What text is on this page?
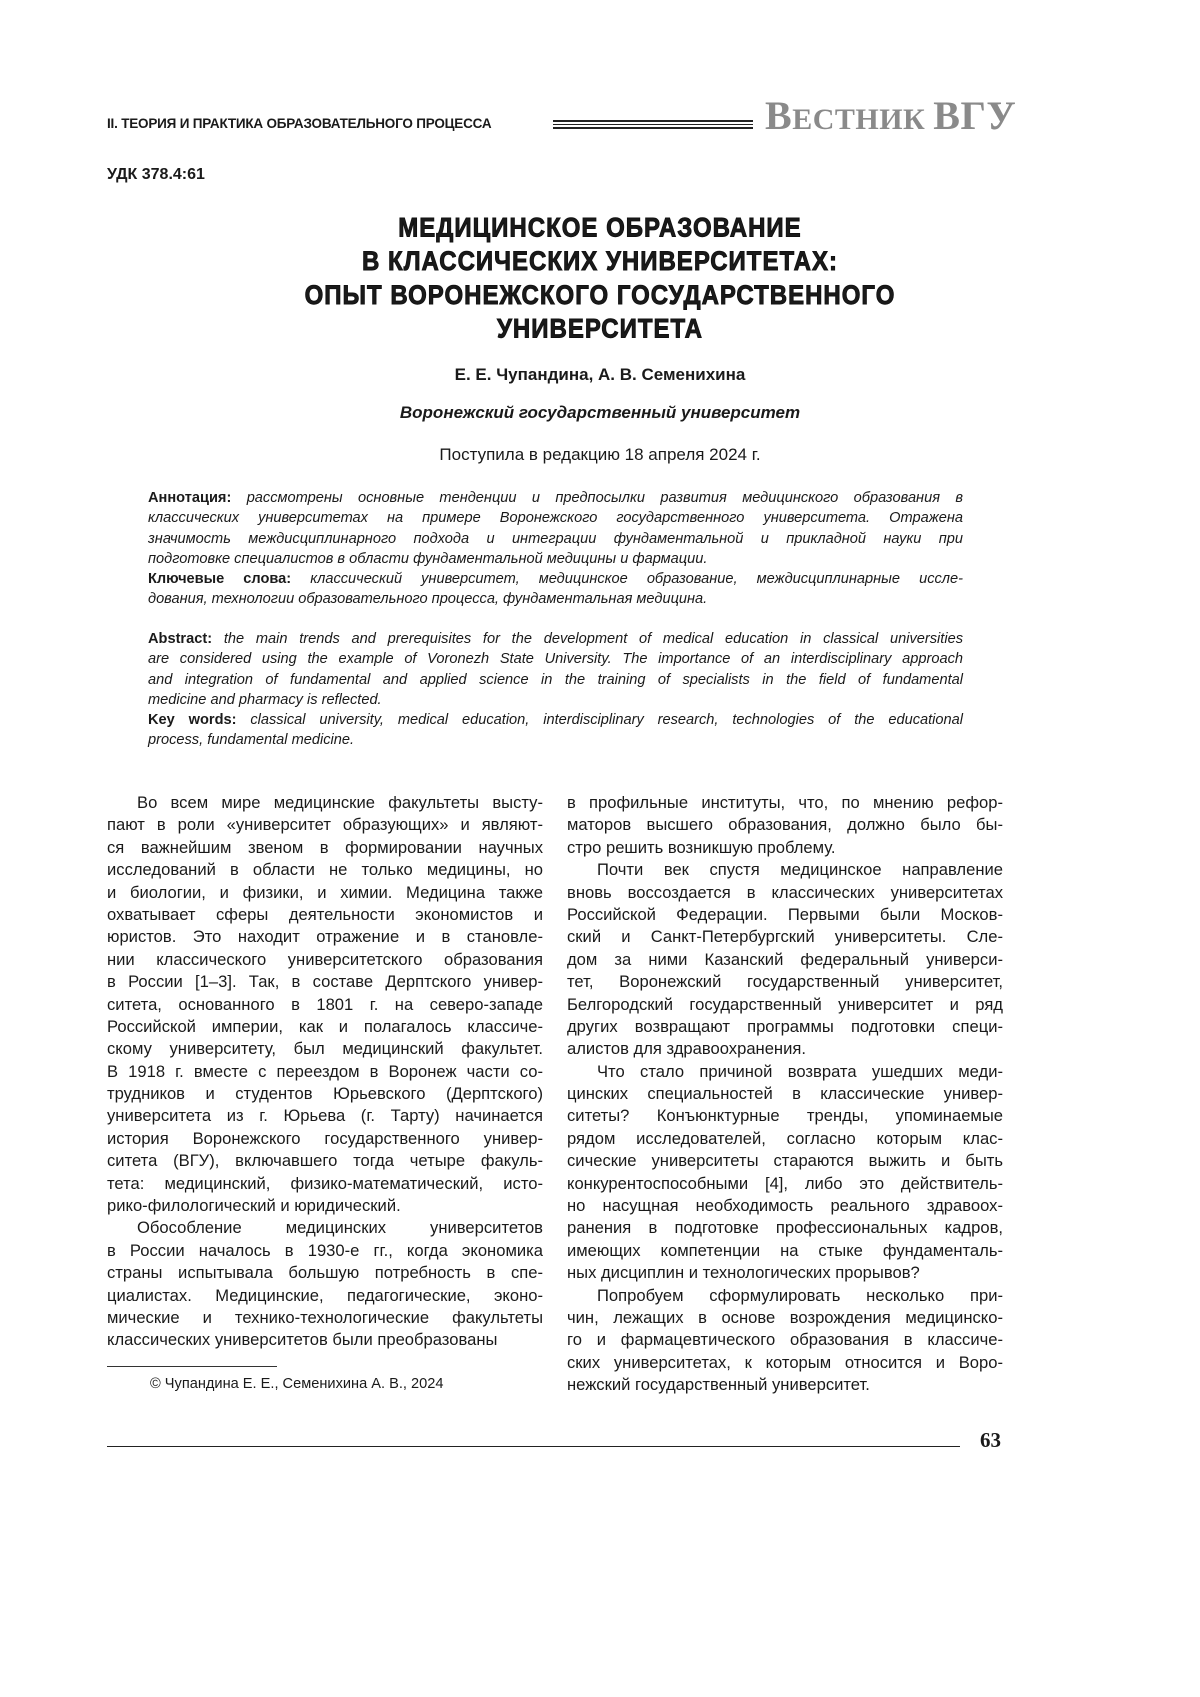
II. ТЕОРИЯ И ПРАКТИКА ОБРАЗОВАТЕЛЬНОГО ПРОЦЕССА	ВЕСТНИК ВГУ
УДК 378.4:61
МЕДИЦИНСКОЕ ОБРАЗОВАНИЕ
В КЛАССИЧЕСКИХ УНИВЕРСИТЕТАХ:
ОПЫТ ВОРОНЕЖСКОГО ГОСУДАРСТВЕННОГО
УНИВЕРСИТЕТА
Е. Е. Чупандина, А. В. Семенихина
Воронежский государственный университет
Поступила в редакцию 18 апреля 2024 г.
Аннотация: рассмотрены основные тенденции и предпосылки развития медицинского образования в
классических университетах на примере Воронежского государственного университета. Отражена
значимость междисциплинарного подхода и интеграции фундаментальной и прикладной науки при
подготовке специалистов в области фундаментальной медицины и фармации.
Ключевые слова: классический университет, медицинское образование, междисциплинарные иссле-
дования, технологии образовательного процесса, фундаментальная медицина.
Abstract: the main trends and prerequisites for the development of medical education in classical universities
are considered using the example of Voronezh State University. The importance of an interdisciplinary approach
and integration of fundamental and applied science in the training of specialists in the field of fundamental
medicine and pharmacy is reflected.
Key words: classical university, medical education, interdisciplinary research, technologies of the educational
process, fundamental medicine.
Во всем мире медицинские факультеты высту-
пают в роли «университет образующих» и являют-
ся важнейшим звеном в формировании научных
исследований в области не только медицины, но
и биологии, и физики, и химии. Медицина также
охватывает сферы деятельности экономистов и
юристов. Это находит отражение и в становле-
нии классического университетского образования
в России [1–3]. Так, в составе Дерптского универ-
ситета, основанного в 1801 г. на северо-западе
Российской империи, как и полагалось классиче-
скому университету, был медицинский факультет.
В 1918 г. вместе с переездом в Воронеж части со-
трудников и студентов Юрьевского (Дерптского)
университета из г. Юрьева (г. Тарту) начинается
история Воронежского государственного универ-
ситета (ВГУ), включавшего тогда четыре факуль-
тета: медицинский, физико-математический, исто-
рико-филологический и юридический.
Обособление медицинских университетов
в России началось в 1930-е гг., когда экономика
страны испытывала большую потребность в спе-
циалистах. Медицинские, педагогические, эконо-
мические и технико-технологические факультеты
классических университетов были преобразованы
в профильные институты, что, по мнению рефор-
маторов высшего образования, должно было бы-
стро решить возникшую проблему.
Почти век спустя медицинское направление
вновь воссоздается в классических университетах
Российской Федерации. Первыми были Москов-
ский и Санкт-Петербургский университеты. Сле-
дом за ними Казанский федеральный универси-
тет, Воронежский государственный университет,
Белгородский государственный университет и ряд
других возвращают программы подготовки специ-
алистов для здравоохранения.
Что стало причиной возврата ушедших меди-
цинских специальностей в классические универ-
ситеты? Конъюнктурные тренды, упоминаемые
рядом исследователей, согласно которым клас-
сические университеты стараются выжить и быть
конкурентоспособными [4], либо это действитель-
но насущная необходимость реального здравоох-
ранения в подготовке профессиональных кадров,
имеющих компетенции на стыке фундаменталь-
ных дисциплин и технологических прорывов?
Попробуем сформулировать несколько при-
чин, лежащих в основе возрождения медицинско-
го и фармацевтического образования в классиче-
ских университетах, к которым относится и Воро-
нежский государственный университет.
© Чупандина Е. Е., Семенихина А. В., 2024
63
